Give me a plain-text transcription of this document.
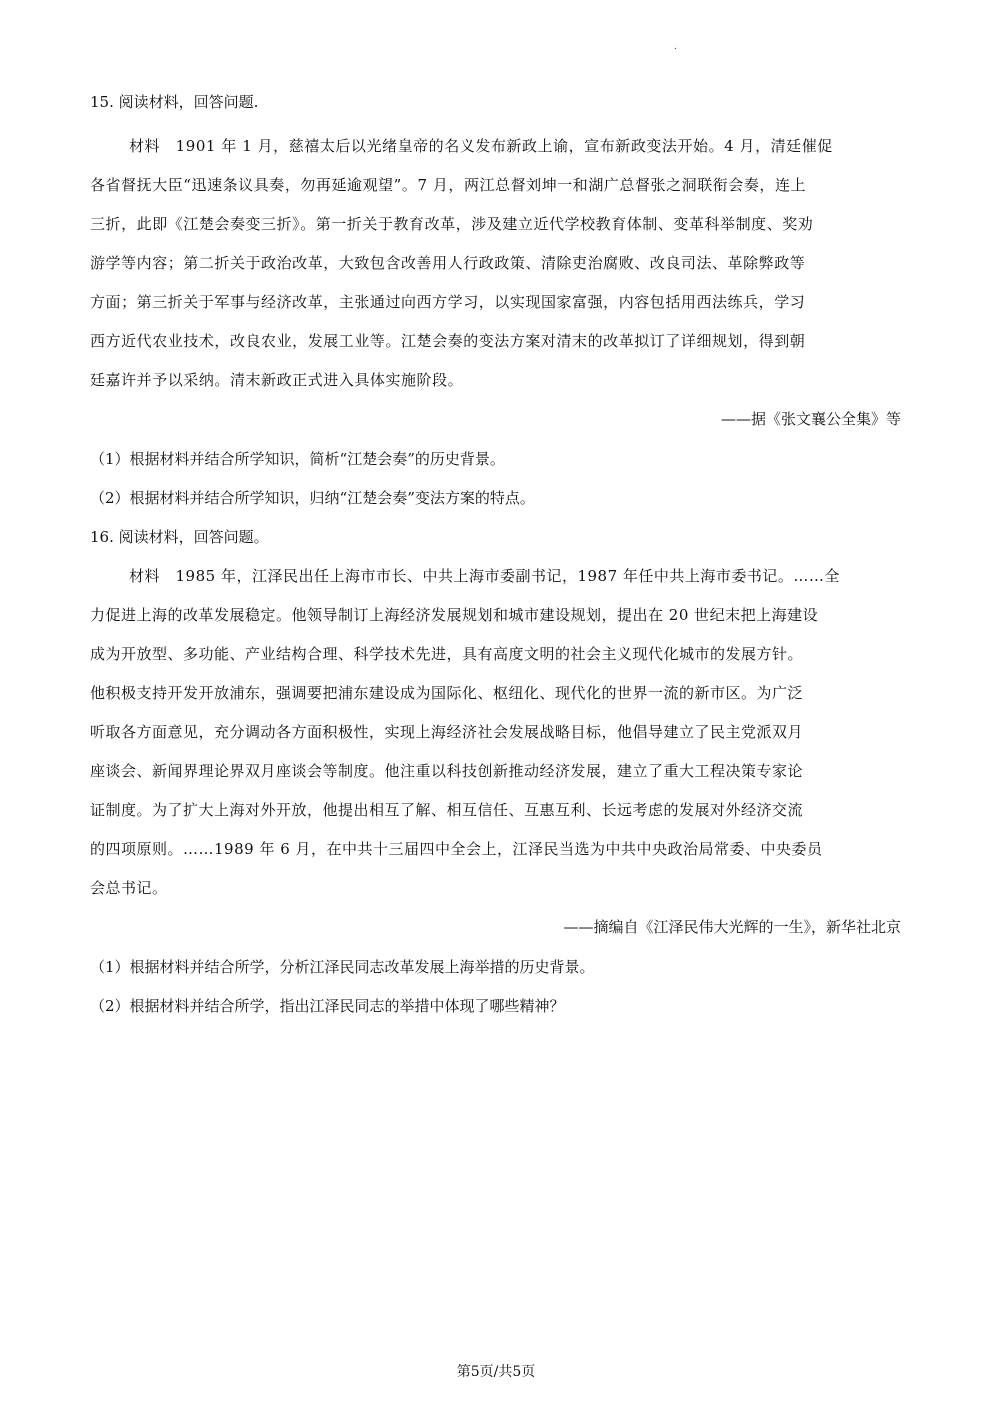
.
15. 阅读材料，回答问题.
材料　1901 年 1 月，慈禧太后以光绪皇帝的名义发布新政上谕，宣布新政变法开始。4 月，清廷催促
各省督抚大臣“迅速条议具奏，勿再延逾观望”。7 月，两江总督刘坤一和湖广总督张之洞联衔会奏，连上
三折，此即《江楚会奏变三折》。第一折关于教育改革，涉及建立近代学校教育体制、变革科举制度、奖劝
游学等内容；第二折关于政治改革，大致包含改善用人行政政策、清除吏治腐败、改良司法、革除弊政等
方面；第三折关于军事与经济改革，主张通过向西方学习，以实现国家富强，内容包括用西法练兵，学习
西方近代农业技术，改良农业，发展工业等。江楚会奏的变法方案对清末的改革拟订了详细规划，得到朝
廷嘉许并予以采纳。清末新政正式进入具体实施阶段。
——据《张文襄公全集》等
（1）根据材料并结合所学知识，简析“江楚会奏”的历史背景。
（2）根据材料并结合所学知识，归纳“江楚会奏”变法方案的特点。
16. 阅读材料，回答问题。
材料　1985 年，江泽民出任上海市市长、中共上海市委副书记，1987 年任中共上海市委书记。……全
力促进上海的改革发展稳定。他领导制订上海经济发展规划和城市建设规划，提出在 20 世纪末把上海建设
成为开放型、多功能、产业结构合理、科学技术先进，具有高度文明的社会主义现代化城市的发展方针。
他积极支持开发开放浦东，强调要把浦东建设成为国际化、枢纽化、现代化的世界一流的新市区。为广泛
听取各方面意见，充分调动各方面积极性，实现上海经济社会发展战略目标，他倡导建立了民主党派双月
座谈会、新闻界理论界双月座谈会等制度。他注重以科技创新推动经济发展，建立了重大工程决策专家论
证制度。为了扩大上海对外开放，他提出相互了解、相互信任、互惠互利、长远考虑的发展对外经济交流
的四项原则。……1989 年 6 月，在中共十三届四中全会上，江泽民当选为中共中央政治局常委、中央委员
会总书记。
——摘编自《江泽民伟大光辉的一生》，新华社北京
（1）根据材料并结合所学，分析江泽民同志改革发展上海举措的历史背景。
（2）根据材料并结合所学，指出江泽民同志的举措中体现了哪些精神？
第5页/共5页
